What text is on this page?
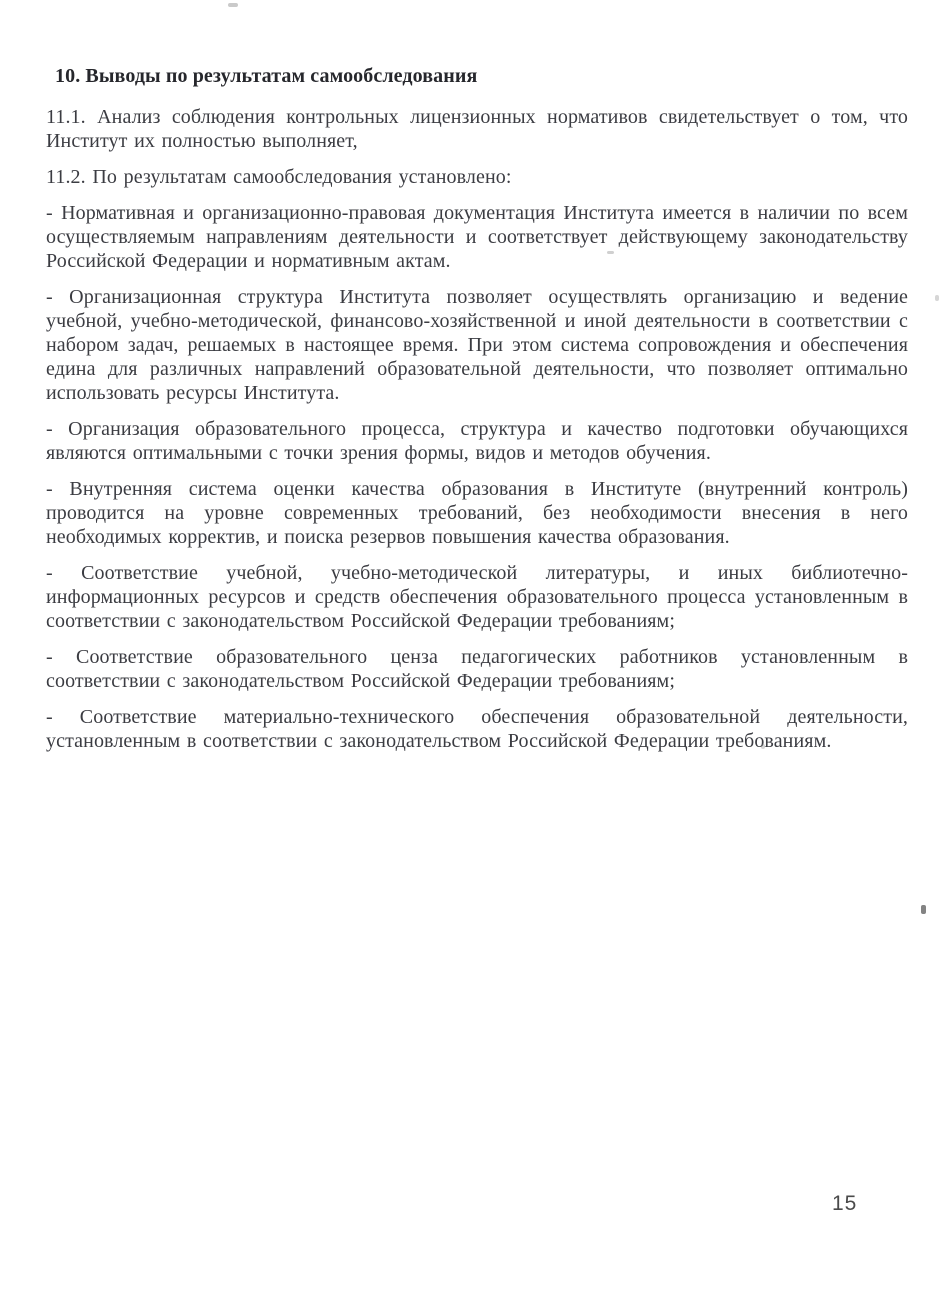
10. Выводы по результатам самообследования

11.1. Анализ соблюдения контрольных лицензионных нормативов свидетельствует о том, что Институт их полностью выполняет,

11.2. По результатам самообследования установлено:

- Нормативная и организационно-правовая документация Института имеется в наличии по всем осуществляемым направлениям деятельности и соответствует действующему законодательству Российской Федерации и нормативным актам.

- Организационная структура Института позволяет осуществлять организацию и ведение учебной, учебно-методической, финансово-хозяйственной и иной деятельности в соответствии с набором задач, решаемых в настоящее время. При этом система сопровождения и обеспечения едина для различных направлений образовательной деятельности, что позволяет оптимально использовать ресурсы Института.

- Организация образовательного процесса, структура и качество подготовки обучающихся являются оптимальными с точки зрения формы, видов и методов обучения.

- Внутренняя система оценки качества образования в Институте (внутренний контроль) проводится на уровне современных требований, без необходимости внесения в него необходимых корректив, и поиска резервов повышения качества образования.

- Соответствие учебной, учебно-методической литературы, и иных библиотечно-информационных ресурсов и средств обеспечения образовательного процесса установленным в соответствии с законодательством Российской Федерации требованиям;

- Соответствие образовательного ценза педагогических работников установленным в соответствии с законодательством Российской Федерации требованиям;

- Соответствие материально-технического обеспечения образовательной деятельности, установленным в соответствии с законодательством Российской Федерации требованиям.

15
